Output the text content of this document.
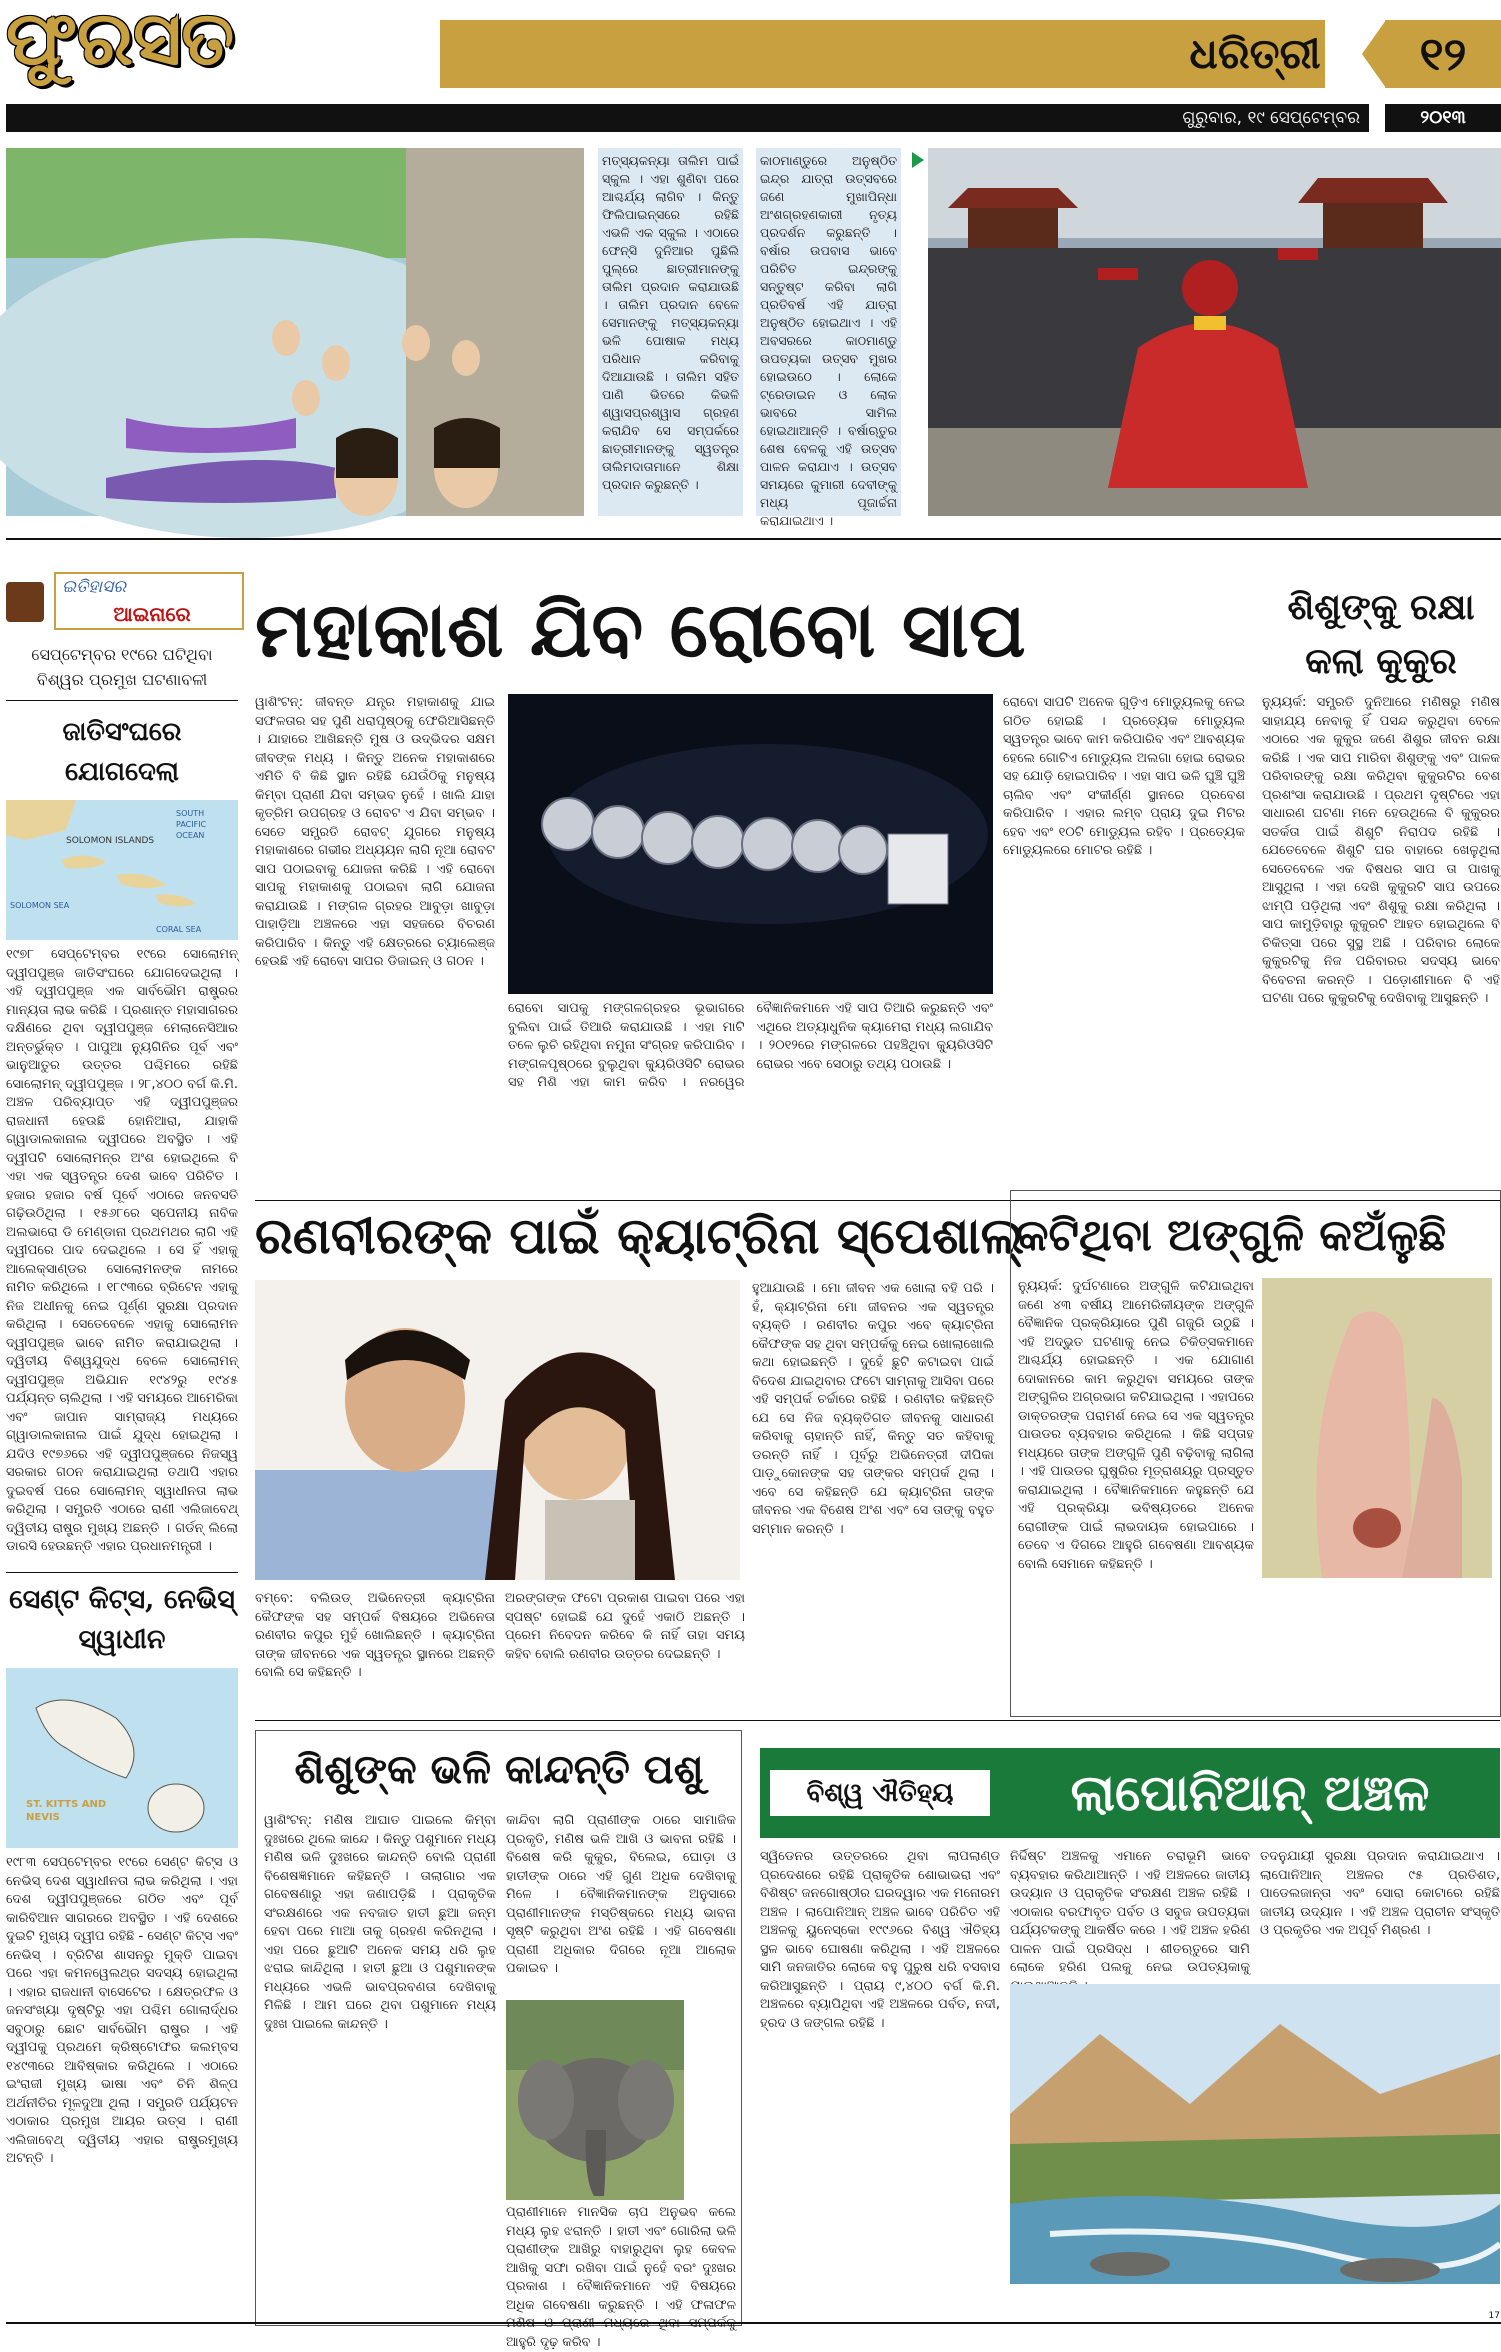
ଫୁରସତ	ଧରିତ୍ରୀ	୧୨
ଗୁରୁବାର, ୧୯ ସେପ୍ଟେମ୍ବର	୨୦୧୩
ମତ୍ସ୍ୟକନ୍ୟା ତାଲିମ ପାଇଁ ସ୍କୁଲ । ଏହା ଶୁଣିବା ପରେ ଆଶ୍ଚର୍ଯ୍ୟ ଲାଗିବ । କିନ୍ତୁ ଫିଲିପାଇନ୍ସରେ ରହିଛି ଏଭଳି ଏକ ସ୍କୁଲ । ଏଠାରେ ଫେନ୍ସି ଦୁନିଆର ପୁଛିଲି ପୁଲ୍‌ରେ ଛାତ୍ରୀମାନଙ୍କୁ ତାଲିମ ପ୍ରଦାନ କରାଯାଉଛି । ତାଲିମ ପ୍ରଦାନ ବେଳେ ସେମାନଙ୍କୁ ମତ୍ସ୍ୟକନ୍ୟା ଭଳି ପୋଷାକ ମଧ୍ୟ ପରିଧାନ କରିବାକୁ ଦିଆଯାଉଛି । ତାଲିମ ସହିତ ପାଣି ଭିତରେ କିଭଳି ଶ୍ୱାସପ୍ରଶ୍ୱାସ ଗ୍ରହଣ କରାଯିବ ସେ ସମ୍ପର୍କରେ ଛାତ୍ରୀମାନଙ୍କୁ ସ୍ୱତନ୍ତ୍ର ତାଲିମଦାତାମାନେ ଶିକ୍ଷା ପ୍ରଦାନ କରୁଛନ୍ତି ।
କାଠମାଣ୍ଡୁରେ ଅନୁଷ୍ଠିତ ଇନ୍ଦ୍ର ଯାତ୍ରା ଉତ୍ସବରେ ଜଣେ ମୁଖାପିନ୍ଧା ଅଂଶଗ୍ରହଣକାରୀ ନୃତ୍ୟ ପ୍ରଦର୍ଶନ କରୁଛନ୍ତି । ବର୍ଷାର ଉପବାସ ଭାବେ ପରିଚିତ ଇନ୍ଦ୍ରଙ୍କୁ ସନ୍ତୁଷ୍ଟ କରିବା ଲାଗି ପ୍ରତିବର୍ଷ ଏହି ଯାତ୍ରା ଅନୁଷ୍ଠିତ ହୋଇଥାଏ । ଏହି ଅବସରରେ କାଠମାଣ୍ଡୁ ଉପତ୍ୟକା ଉତ୍ସବ ମୁଖର ହୋଇଉଠେ । ଲୋକେ ଟ୍ରେଡାଇନ ଓ ଲୋକ ଭାବରେ ସାମିଲ ହୋଇଥାଆନ୍ତି । ବର୍ଷାଋତୁର ଶେଷ ବେଳକୁ ଏହି ଉତ୍ସବ ପାଳନ କରାଯାଏ । ଉତ୍ସବ ସମୟରେ କୁମାରୀ ଦେବୀଙ୍କୁ ମଧ୍ୟ ପୂଜାର୍ଚ୍ଚନା କରାଯାଇଥାଏ ।
ଇତିହାସର
ଆଇନାରେ
ସେପ୍ଟେମ୍ବର ୧୯ରେ ଘଟିଥିବା ବିଶ୍ୱର ପ୍ରମୁଖ ଘଟଣାବଳୀ
ଜାତିସଂଘରେ ଯୋଗଦେଲା
SOLOMON ISLANDS
SOUTH PACIFIC OCEAN
SOLOMON SEA
CORAL SEA
୧୯୭୮ ସେପ୍ଟେମ୍ବର ୧୯ରେ ସୋଲୋମନ୍ ଦ୍ୱୀପପୁଞ୍ଜ ଜାତିସଂଘରେ ଯୋଗଦେଇଥିଲା । ଏହି ଦ୍ୱୀପପୁଞ୍ଜ ଏକ ସାର୍ବଭୌମ ରାଷ୍ଟ୍ରର ମାନ୍ୟତା ଲାଭ କରିଛି । ପ୍ରଶାନ୍ତ ମହାସାଗରର ଦକ୍ଷିଣରେ ଥିବା ଦ୍ୱୀପପୁଞ୍ଜ ମେଲାନେସିଆର ଅନ୍ତର୍ଭୁକ୍ତ । ପାପୁଆ ନ୍ୟୁଗିନିର ପୂର୍ବ ଏବଂ ଭାନୁଆତୁର ଉତ୍ତର ପଶ୍ଚିମରେ ରହିଛି ସୋଲୋମନ୍ ଦ୍ୱୀପପୁଞ୍ଜ । ୨୮,୪୦୦ ବର୍ଗ କି.ମି. ଅଞ୍ଚଳ ପରିବ୍ୟାପ୍ତ ଏହି ଦ୍ୱୀପପୁଞ୍ଜର ରାଜଧାନୀ ହେଉଛି ହୋନିଆରା, ଯାହାକି ଗ୍ୱାଡାଲକାନାଲ ଦ୍ୱୀପରେ ଅବସ୍ଥିତ । ଏହି ଦ୍ୱୀପଟି ସୋଲୋମନ୍‌ର ଅଂଶ ହୋଇଥିଲେ ବି ଏହା ଏକ ସ୍ୱତନ୍ତ୍ର ଦେଶ ଭାବେ ପରିଚିତ । ହଜାର ହଜାର ବର୍ଷ ପୂର୍ବେ ଏଠାରେ ଜନବସତି ଗଢ଼ିଉଠିଥିଲା । ୧୫୬୮ରେ ସ୍ପେନୀୟ ନାବିକ ଅଲଭାରୋ ଡି ମେଣ୍ଡାନା ପ୍ରଥମଥର ଲାଗି ଏହି ଦ୍ୱୀପରେ ପାଦ ଦେଇଥିଲେ । ସେ ହିଁ ଏହାକୁ ଆଲେକ୍ସାଣ୍ଡର ସୋଲୋମନଙ୍କ ନାମରେ ନାମିତ କରିଥିଲେ । ୧୮୯୩ରେ ବ୍ରିଟେନ ଏହାକୁ ନିଜ ଅଧୀନକୁ ନେଇ ପୂର୍ଣ୍ଣ ସୁରକ୍ଷା ପ୍ରଦାନ କରିଥିଲା । ସେତେବେଳେ ଏହାକୁ ସୋଲୋମନ ଦ୍ୱୀପପୁଞ୍ଜ ଭାବେ ନାମିତ କରାଯାଇଥିଲା । ଦ୍ୱିତୀୟ ବିଶ୍ୱଯୁଦ୍ଧ ବେଳେ ସୋଲୋମନ୍ ଦ୍ୱୀପପୁଞ୍ଜ ଅଭିଯାନ ୧୯୪୨ରୁ ୧୯୪୫ ପର୍ଯ୍ୟନ୍ତ ଚାଲିଥିଲା । ଏହି ସମୟରେ ଆମେରିକା ଏବଂ ଜାପାନ ସାମ୍ରାଜ୍ୟ ମଧ୍ୟରେ ଗ୍ୱାଡାଲକାନାଲ ପାଇଁ ଯୁଦ୍ଧ ହୋଇଥିଲା । ଯଦିଓ ୧୯୭୬ରେ ଏହି ଦ୍ୱୀପପୁଞ୍ଜରେ ନିଜସ୍ୱ ସରକାର ଗଠନ କରାଯାଇଥିଲା ତଥାପି ଏହାର ଦୁଇବର୍ଷ ପରେ ସୋଲୋମନ୍ ସ୍ୱାଧୀନତା ଲାଭ କରିଥିଲା । ସମ୍ପ୍ରତି ଏଠାରେ ରାଣୀ ଏଲିଜାବେଥ୍ ଦ୍ୱିତୀୟ ରାଷ୍ଟ୍ର ମୁଖ୍ୟ ଅଛନ୍ତି । ଗର୍ଡନ୍ ଲିଲୋ ଡାରସି ହେଉଛନ୍ତି ଏହାର ପ୍ରଧାନମନ୍ତ୍ରୀ ।
ସେଣ୍ଟ କିଟ୍ସ, ନେଭିସ୍ ସ୍ୱାଧୀନ
ST. KITTS AND NEVIS
୧୯୮୩ ସେପ୍ଟେମ୍ବର ୧୯ରେ ସେଣ୍ଟ କିଟ୍ସ ଓ ନେଭିସ୍ ଦେଶ ସ୍ୱାଧୀନତା ଲାଭ କରିଥିଲା । ଏହା ଦେଶ ଦ୍ୱୀପପୁଞ୍ଜରେ ଗଠିତ ଏବଂ ପୂର୍ବ କାରିବିଆନ ସାଗରରେ ଅବସ୍ଥିତ । ଏହି ଦେଶରେ ଦୁଇଟି ମୁଖ୍ୟ ଦ୍ୱୀପ ରହିଛି - ସେଣ୍ଟ କିଟ୍ସ ଏବଂ ନେଭିସ୍ । ବ୍ରିଟିଶ ଶାସନରୁ ମୁକ୍ତି ପାଇବା ପରେ ଏହା କମନୱେଲଥ୍‌ର ସଦସ୍ୟ ହୋଇଥିଲା । ଏହାର ରାଜଧାନୀ ବାସେଟେର । କ୍ଷେତ୍ରଫଳ ଓ ଜନସଂଖ୍ୟା ଦୃଷ୍ଟିରୁ ଏହା ପଶ୍ଚିମ ଗୋଲାର୍ଦ୍ଧର ସବୁଠାରୁ ଛୋଟ ସାର୍ବଭୌମ ରାଷ୍ଟ୍ର । ଏହି ଦ୍ୱୀପକୁ ପ୍ରଥମେ କ୍ରିଷ୍ଟୋଫର କଲମ୍ବସ ୧୪୯୩ରେ ଆବିଷ୍କାର କରିଥିଲେ । ଏଠାରେ ଇଂରାଜୀ ମୁଖ୍ୟ ଭାଷା ଏବଂ ଚିନି ଶିଳ୍ପ ଅର୍ଥନୀତିର ମୂଳଦୁଆ ଥିଲା । ସମ୍ପ୍ରତି ପର୍ଯ୍ୟଟନ ଏଠାକାର ପ୍ରମୁଖ ଆୟର ଉତ୍ସ । ରାଣୀ ଏଲିଜାବେଥ୍ ଦ୍ୱିତୀୟ ଏହାର ରାଷ୍ଟ୍ରମୁଖ୍ୟ ଅଟନ୍ତି ।
ମହାକାଶ ଯିବ ରୋବୋ ସାପ
ୱାଶିଂଟନ୍: ଜୀବନ୍ତ ଯନ୍ତ୍ର ମହାକାଶକୁ ଯାଇ ସଫଳତାର ସହ ପୁଣି ଧରାପୃଷ୍ଠକୁ ଫେରିଆସିଛନ୍ତି । ଯାହାରେ ଆଖିଛନ୍ତି ମୁଷ ଓ ଉଦ୍ଭିଦର ସକ୍ଷମ ଜୀବଙ୍କ ମଧ୍ୟ । କିନ୍ତୁ ଅନେକ ମହାକାଶରେ ଏମିତି ବି କିଛି ସ୍ଥାନ ରହିଛି ଯେଉଁଠିକୁ ମନୁଷ୍ୟ କିମ୍ବା ପ୍ରାଣୀ ଯିବା ସମ୍ଭବ ନୁହେଁ । ଖାଲି ଯାହା କୃତ୍ରିମ ଉପଗ୍ରହ ଓ ରୋବଟ ଏ ଯିବା ସମ୍ଭବ । ସେତେ ସମ୍ପ୍ରତି ରୋବଟ୍ ଯୁଗରେ ମନୁଷ୍ୟ ମହାକାଶରେ ଗଭୀର ଅଧ୍ୟୟନ ଲାଗି ନୂଆ ରୋବଟ ସାପ ପଠାଇବାକୁ ଯୋଜନା କରିଛି । ଏହି ରୋବୋ ସାପକୁ ମହାକାଶକୁ ପଠାଇବା ଲାଗି ଯୋଜନା କରାଯାଉଛି । ମଙ୍ଗଳ ଗ୍ରହର ଆବୁଡ଼ା ଖାବୁଡ଼ା ପାହାଡ଼ିଆ ଅଞ୍ଚଳରେ ଏହା ସହଜରେ ବିଚରଣ କରିପାରିବ । କିନ୍ତୁ ଏହି କ୍ଷେତ୍ରରେ ଚ୍ୟାଲେଞ୍ଜ ହେଉଛି ଏହି ରୋବୋ ସାପର ଡିଜାଇନ୍ ଓ ଗଠନ ।
ରୋବୋ ସାପକୁ ମଙ୍ଗଳଗ୍ରହର ଭୂଭାଗରେ ବୁଲିବା ପାଇଁ ତିଆରି କରାଯାଉଛି । ଏହା ମାଟି ତଳେ ଲୁଚି ରହିଥିବା ନମୁନା ସଂଗ୍ରହ କରିପାରିବ । ମଙ୍ଗଳପୃଷ୍ଠରେ ବୁଲୁଥିବା କ୍ୟୁରିଓସିଟି ରୋଭର ସହ ମିଶି ଏହା କାମ କରିବ । ନରୱେର ବୈଜ୍ଞାନିକମାନେ ଏହି ସାପ ତିଆରି କରୁଛନ୍ତି ଏବଂ ଏଥିରେ ଅତ୍ୟାଧୁନିକ କ୍ୟାମେରା ମଧ୍ୟ ଲଗାଯିବ । ୨୦୧୨ରେ ମଙ୍ଗଳରେ ପହଞ୍ଚିଥିବା କ୍ୟୁରିଓସିଟି ରୋଭର ଏବେ ସେଠାରୁ ତଥ୍ୟ ପଠାଉଛି ।
ରୋବୋ ସାପଟି ଅନେକ ଗୁଡ଼ିଏ ମୋଡ୍ୟୁଲକୁ ନେଇ ଗଠିତ ହୋଇଛି । ପ୍ରତ୍ୟେକ ମୋଡ୍ୟୁଲ ସ୍ୱତନ୍ତ୍ର ଭାବେ କାମ କରିପାରିବ ଏବଂ ଆବଶ୍ୟକ ହେଲେ ଗୋଟିଏ ମୋଡ୍ୟୁଲ ଅଲଗା ହୋଇ ରୋଭର ସହ ଯୋଡ଼ି ହୋଇପାରିବ । ଏହା ସାପ ଭଳି ଘୁଞ୍ଚି ଘୁଞ୍ଚି ଚାଲିବ ଏବଂ ସଂକୀର୍ଣ୍ଣ ସ୍ଥାନରେ ପ୍ରବେଶ କରିପାରିବ । ଏହାର ଲମ୍ବ ପ୍ରାୟ ଦୁଇ ମିଟର ହେବ ଏବଂ ୧୦ଟି ମୋଡ୍ୟୁଲ ରହିବ । ପ୍ରତ୍ୟେକ ମୋଡ୍ୟୁଲରେ ମୋଟର ରହିଛି ।
ଶିଶୁଙ୍କୁ ରକ୍ଷା କଲା କୁକୁର
ନ୍ୟୁୟର୍କ: ସମ୍ପ୍ରତି ଦୁନିଆରେ ମଣିଷରୁ ମଣିଷ ସାହାଯ୍ୟ ନେବାକୁ ହିଁ ପସନ୍ଦ କରୁଥିବା ବେଳେ ଏଠାରେ ଏକ କୁକୁର ଜଣେ ଶିଶୁର ଜୀବନ ରକ୍ଷା କରିଛି । ଏକ ସାପ ମାରିବା ଶିଶୁଙ୍କୁ ଏବଂ ପାଳକ ପରିବାରଙ୍କୁ ରକ୍ଷା କରିଥିବା କୁକୁରଟିର ବେଶ ପ୍ରଶଂସା କରାଯାଉଛି । ପ୍ରଥମ ଦୃଷ୍ଟିରେ ଏହା ସାଧାରଣ ଘଟଣା ମନେ ହେଉଥିଲେ ବି କୁକୁରର ସତର୍କତା ପାଇଁ ଶିଶୁଟି ନିରାପଦ ରହିଛି । ଯେତେବେଳେ ଶିଶୁଟି ଘର ବାହାରେ ଖେଳୁଥିଲା ସେତେବେଳେ ଏକ ବିଷଧର ସାପ ତା ପାଖକୁ ଆସୁଥିଲା । ଏହା ଦେଖି କୁକୁରଟି ସାପ ଉପରେ ଝାମ୍ପି ପଡ଼ିଥିଲା ଏବଂ ଶିଶୁକୁ ରକ୍ଷା କରିଥିଲା । ସାପ କାମୁଡ଼ିବାରୁ କୁକୁରଟି ଆହତ ହୋଇଥିଲେ ବି ଚିକିତ୍ସା ପରେ ସୁସ୍ଥ ଅଛି । ପରିବାର ଲୋକେ କୁକୁରଟିକୁ ନିଜ ପରିବାରର ସଦସ୍ୟ ଭାବେ ବିବେଚନା କରନ୍ତି । ପଡ଼ୋଶୀମାନେ ବି ଏହି ଘଟଣା ପରେ କୁକୁରଟିକୁ ଦେଖିବାକୁ ଆସୁଛନ୍ତି ।
ରଣବୀରଙ୍କ ପାଇଁ କ୍ୟାଟ୍ରିନା ସ୍ପେଶାଲ୍
ବମ୍ବେ: ବଲିଉଡ୍ ଅଭିନେତ୍ରୀ କ୍ୟାଟ୍ରିନା କୈଫଙ୍କ ସହ ସମ୍ପର୍କ ବିଷୟରେ ଅଭିନେତା ରଣବୀର କପୁର ମୁହଁ ଖୋଲିଛନ୍ତି । କ୍ୟାଟ୍ରିନା ତାଙ୍କ ଜୀବନରେ ଏକ ସ୍ୱତନ୍ତ୍ର ସ୍ଥାନରେ ଅଛନ୍ତି ବୋଲି ସେ କହିଛନ୍ତି ।
ଅରଙ୍ଗଙ୍କ ଫଟୋ ପ୍ରକାଶ ପାଇବା ପରେ ଏହା ସ୍ପଷ୍ଟ ହୋଇଛି ଯେ ଦୁହେଁ ଏକାଠି ଅଛନ୍ତି । ପ୍ରେମ ନିବେଦନ କରିବେ କି ନାହିଁ ତାହା ସମୟ କହିବ ବୋଲି ରଣବୀର ଉତ୍ତର ଦେଇଛନ୍ତି ।
ହୁଆଯାଉଛି । ମୋ ଜୀବନ ଏକ ଖୋଲା ବହି ପରି । ହଁ, କ୍ୟାଟ୍ରିନା ମୋ ଜୀବନର ଏକ ସ୍ୱତନ୍ତ୍ର ବ୍ୟକ୍ତି । ରଣବୀର କପୁର ଏବେ କ୍ୟାଟ୍ରିନା କୈଫଙ୍କ ସହ ଥିବା ସମ୍ପର୍କକୁ ନେଇ ଖୋଲାଖୋଲି କଥା ହୋଇଛନ୍ତି । ଦୁହେଁ ଛୁଟି କଟାଇବା ପାଇଁ ବିଦେଶ ଯାଇଥିବାର ଫଟୋ ସାମ୍ନାକୁ ଆସିବା ପରେ ଏହି ସମ୍ପର୍କ ଚର୍ଚ୍ଚାରେ ରହିଛି । ରଣବୀର କହିଛନ୍ତି ଯେ ସେ ନିଜ ବ୍ୟକ୍ତିଗତ ଜୀବନକୁ ସାଧାରଣ କରିବାକୁ ଚାହାନ୍ତି ନାହିଁ, କିନ୍ତୁ ସତ କହିବାକୁ ଡରନ୍ତି ନାହିଁ । ପୂର୍ବରୁ ଅଭିନେତ୍ରୀ ଦୀପିକା ପାଡ଼ୁକୋନଙ୍କ ସହ ତାଙ୍କର ସମ୍ପର୍କ ଥିଲା । ଏବେ ସେ କହିଛନ୍ତି ଯେ କ୍ୟାଟ୍ରିନା ତାଙ୍କ ଜୀବନର ଏକ ବିଶେଷ ଅଂଶ ଏବଂ ସେ ତାଙ୍କୁ ବହୁତ ସମ୍ମାନ କରନ୍ତି ।
କଟିଥିବା ଅଙ୍ଗୁଳି କଅଁଳୁଛି
ନ୍ୟୁୟର୍କ: ଦୁର୍ଘଟଣାରେ ଅଙ୍ଗୁଳି କଟିଯାଇଥିବା ଜଣେ ୪୩ ବର୍ଷୀୟ ଆମେରିକୀୟଙ୍କ ଅଙ୍ଗୁଳି ବୈଜ୍ଞାନିକ ପ୍ରକ୍ରିୟାରେ ପୁଣି ଗଜୁରି ଉଠୁଛି । ଏହି ଅଦ୍ଭୁତ ଘଟଣାକୁ ନେଇ ଚିକିତ୍ସକମାନେ ଆଶ୍ଚର୍ଯ୍ୟ ହୋଇଛନ୍ତି । ଏକ ଯୋଗାଣ ଦୋକାନରେ କାମ କରୁଥିବା ସମୟରେ ତାଙ୍କ ଅଙ୍ଗୁଳିର ଅଗ୍ରଭାଗ କଟିଯାଇଥିଲା । ଏହାପରେ ଡାକ୍ତରଙ୍କ ପରାମର୍ଶ ନେଇ ସେ ଏକ ସ୍ୱତନ୍ତ୍ର ପାଉଡର ବ୍ୟବହାର କରିଥିଲେ । କିଛି ସପ୍ତାହ ମଧ୍ୟରେ ତାଙ୍କ ଅଙ୍ଗୁଳି ପୁଣି ବଢ଼ିବାକୁ ଲାଗିଲା । ଏହି ପାଉଡର ଘୁଷୁରିର ମୂତ୍ରାଶୟରୁ ପ୍ରସ୍ତୁତ କରାଯାଇଥିଲା । ବୈଜ୍ଞାନିକମାନେ କହୁଛନ୍ତି ଯେ ଏହି ପ୍ରକ୍ରିୟା ଭବିଷ୍ୟତରେ ଅନେକ ରୋଗୀଙ୍କ ପାଇଁ ଲାଭଦାୟକ ହୋଇପାରେ । ତେବେ ଏ ଦିଗରେ ଆହୁରି ଗବେଷଣା ଆବଶ୍ୟକ ବୋଲି ସେମାନେ କହିଛନ୍ତି ।
ଶିଶୁଙ୍କ ଭଳି କାନ୍ଦନ୍ତି ପଶୁ
ୱାଶିଂଟନ୍: ମଣିଷ ଆଘାତ ପାଇଲେ କିମ୍ବା ଦୁଃଖରେ ଥିଲେ କାନ୍ଦେ । କିନ୍ତୁ ପଶୁମାନେ ମଧ୍ୟ ମଣିଷ ଭଳି ଦୁଃଖରେ କାନ୍ଦନ୍ତି ବୋଲି ପ୍ରାଣୀ ବିଶେଷଜ୍ଞମାନେ କହିଛନ୍ତି । ତାଲାଗାର ଏକ ଗବେଷଣାରୁ ଏହା ଜଣାପଡ଼ିଛି । ପ୍ରାକୃତିକ ସଂରକ୍ଷଣରେ ଏକ ନବଜାତ ହାତୀ ଛୁଆ ଜନ୍ମ ହେବା ପରେ ମାଆ ତାକୁ ଗ୍ରହଣ କରିନଥିଲା । ଏହା ପରେ ଛୁଆଟି ଅନେକ ସମୟ ଧରି ଲୁହ ଝରାଇ କାନ୍ଦିଥିଲା । ହାତୀ ଛୁଆ ଓ ପଶୁମାନଙ୍କ ମଧ୍ୟରେ ଏଭଳି ଭାବପ୍ରବଣତା ଦେଖିବାକୁ ମିଳିଛି । ଆମ ଘରେ ଥିବା ପଶୁମାନେ ମଧ୍ୟ ଦୁଃଖ ପାଇଲେ କାନ୍ଦନ୍ତି ।
କାନ୍ଦିବା ଲାଗି ପ୍ରାଣୀଙ୍କ ଠାରେ ସାମାଜିକ ପ୍ରକୃତି, ମଣିଷ ଭଳି ଆଖି ଓ ଭାବନା ରହିଛି । ବିଶେଷ କରି କୁକୁର, ବିଲେଇ, ଘୋଡ଼ା ଓ ହାତୀଙ୍କ ଠାରେ ଏହି ଗୁଣ ଅଧିକ ଦେଖିବାକୁ ମିଳେ । ବୈଜ୍ଞାନିକମାନଙ୍କ ଅନୁସାରେ ପ୍ରାଣୀମାନଙ୍କ ମସ୍ତିଷ୍କରେ ମଧ୍ୟ ଭାବନା ସୃଷ୍ଟି କରୁଥିବା ଅଂଶ ରହିଛି । ଏହି ଗବେଷଣା ପ୍ରାଣୀ ଅଧିକାର ଦିଗରେ ନୂଆ ଆଲୋକ ପକାଇବ ।
ପ୍ରାଣୀମାନେ ମାନସିକ ଚାପ ଅନୁଭବ କଲେ ମଧ୍ୟ ଲୁହ ଝରାନ୍ତି । ହାତୀ ଏବଂ ଗୋରିଲା ଭଳି ପ୍ରାଣୀଙ୍କ ଆଖିରୁ ବାହାରୁଥିବା ଲୁହ କେବଳ ଆଖିକୁ ସଫା ରଖିବା ପାଇଁ ନୁହେଁ ବରଂ ଦୁଃଖର ପ୍ରକାଶ । ବୈଜ୍ଞାନିକମାନେ ଏହି ବିଷୟରେ ଅଧିକ ଗବେଷଣା କରୁଛନ୍ତି । ଏହି ଫଳାଫଳ ଆହୁରି ଦୃଢ଼ କରିବ ।
ବିଶ୍ୱ ଐତିହ୍ୟ	ଲାପୋନିଆନ୍ ଅଞ୍ଚଳ
ସ୍ୱିଡେନର ଉତ୍ତରରେ ଥିବା ଲାପଲାଣ୍ଡ ପ୍ରଦେଶରେ ରହିଛି ପ୍ରାକୃତିକ ଶୋଭାଭରା ଏବଂ ବିଶିଷ୍ଟ ଜନଗୋଷ୍ଠୀର ଘରଦ୍ୱାର ଏକ ମନୋରମ ଅଞ୍ଚଳ । ଲାପୋନିଆନ୍ ଅଞ୍ଚଳ ଭାବେ ପରିଚିତ ଏହି ଅଞ୍ଚଳକୁ ୟୁନେସ୍କୋ ୧୯୯୬ରେ ବିଶ୍ୱ ଐତିହ୍ୟ ସ୍ଥଳ ଭାବେ ଘୋଷଣା କରିଥିଲା । ଏହି ଅଞ୍ଚଳରେ ସାମି ଜନଜାତିର ଲୋକେ ବହୁ ପୁରୁଷ ଧରି ବସବାସ କରିଆସୁଛନ୍ତି । ପ୍ରାୟ ୯,୪୦୦ ବର୍ଗ କି.ମି. ଅଞ୍ଚଳରେ ବ୍ୟାପିଥିବା ଏହି ଅଞ୍ଚଳରେ ପର୍ବତ, ନଦୀ, ହ୍ରଦ ଓ ଜଙ୍ଗଲ ରହିଛି ।
ନିର୍ଦ୍ଦିଷ୍ଟ ଅଞ୍ଚଳକୁ ଏମାନେ ଚରାଭୂମି ଭାବେ ବ୍ୟବହାର କରିଥାଆନ୍ତି । ଏହି ଅଞ୍ଚଳରେ ଜାତୀୟ ଉଦ୍ୟାନ ଓ ପ୍ରାକୃତିକ ସଂରକ୍ଷଣ ଅଞ୍ଚଳ ରହିଛି । ଏଠାକାର ବରଫାବୃତ ପର୍ବତ ଓ ସବୁଜ ଉପତ୍ୟକା ପର୍ଯ୍ୟଟକଙ୍କୁ ଆକର୍ଷିତ କରେ । ଏହି ଅଞ୍ଚଳ ହରିଣ ପାଳନ ପାଇଁ ପ୍ରସିଦ୍ଧ । ଶୀତଋତୁରେ ସାମି ଲୋକେ ହରିଣ ପଲକୁ ନେଇ ଉପତ୍ୟକାକୁ
ତଦନୁଯାୟୀ ସୁରକ୍ଷା ପ୍ରଦାନ କରାଯାଇଥାଏ । ଲାପୋନିଆନ୍ ଅଞ୍ଚଳର ୯୫ ପ୍ରତିଶତ, ପାଡେଲଜାନ୍ତା ଏବଂ ସୋରା କୋଟାରେ ରହିଛି ଜାତୀୟ ଉଦ୍ୟାନ । ଏହି ଅଞ୍ଚଳ ପ୍ରାଚୀନ ସଂସ୍କୃତି ଓ ପ୍ରକୃତିର ଏକ ଅପୂର୍ବ ମିଶ୍ରଣ ।
17
